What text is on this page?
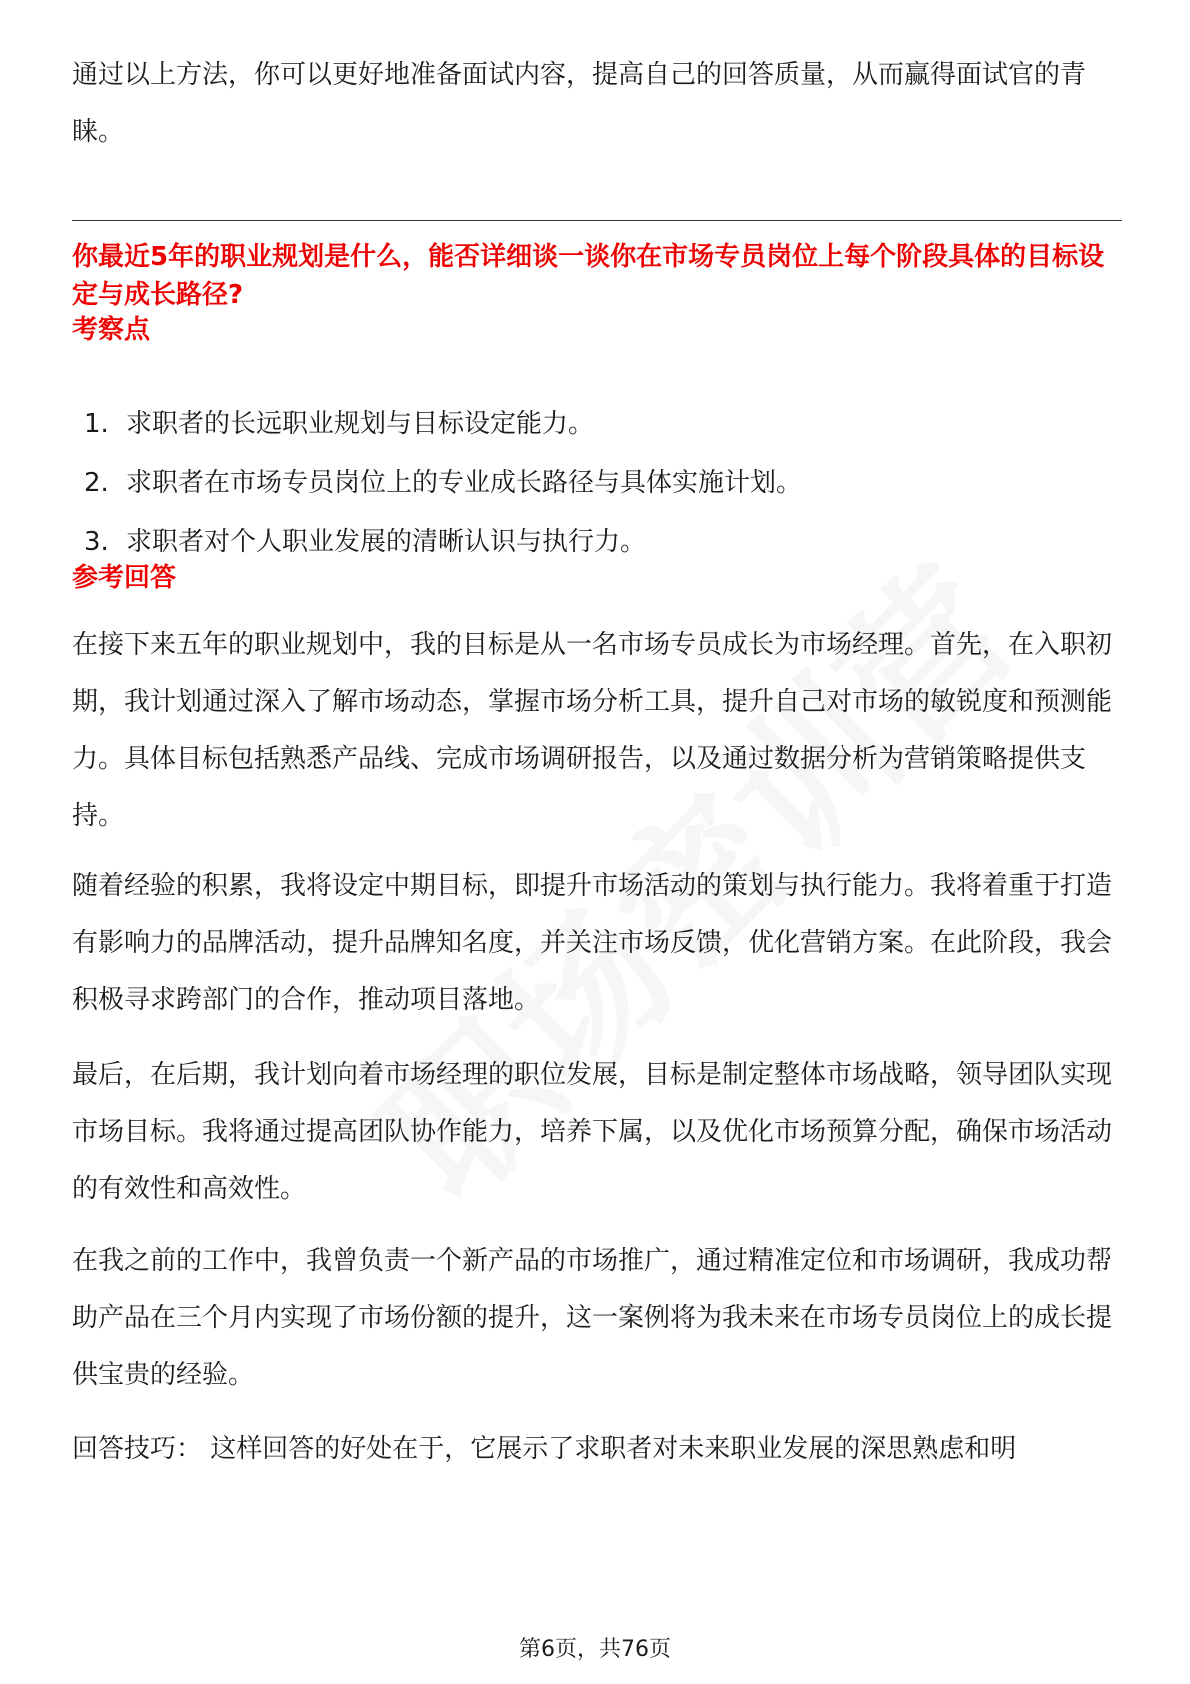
通过以上方法，你可以更好地准备面试内容，提高自己的回答质量，从而赢得面试官的青睐。

你最近5年的职业规划是什么，能否详细谈一谈你在市场专员岗位上每个阶段具体的目标设定与成长路径?

考察点
1. 求职者的长远职业规划与目标设定能力。
2. 求职者在市场专员岗位上的专业成长路径与具体实施计划。
3. 求职者对个人职业发展的清晰认识与执行力。
参考回答

在接下来五年的职业规划中，我的目标是从一名市场专员成长为市场经理。首先，在入职初期，我计划通过深入了解市场动态，掌握市场分析工具，提升自己对市场的敏锐度和预测能力。具体目标包括熟悉产品线、完成市场调研报告，以及通过数据分析为营销策略提供支持。

随着经验的积累，我将设定中期目标，即提升市场活动的策划与执行能力。我将着重于打造有影响力的品牌活动，提升品牌知名度，并关注市场反馈，优化营销方案。在此阶段，我会积极寻求跨部门的合作，推动项目落地。

最后，在后期，我计划向着市场经理的职位发展，目标是制定整体市场战略，领导团队实现市场目标。我将通过提高团队协作能力，培养下属，以及优化市场预算分配，确保市场活动的有效性和高效性。

在我之前的工作中，我曾负责一个新产品的市场推广，通过精准定位和市场调研，我成功帮助产品在三个月内实现了市场份额的提升，这一案例将为我未来在市场专员岗位上的成长提供宝贵的经验。

回答技巧： 这样回答的好处在于，它展示了求职者对未来职业发展的深思熟虑和明

第6页，共76页
